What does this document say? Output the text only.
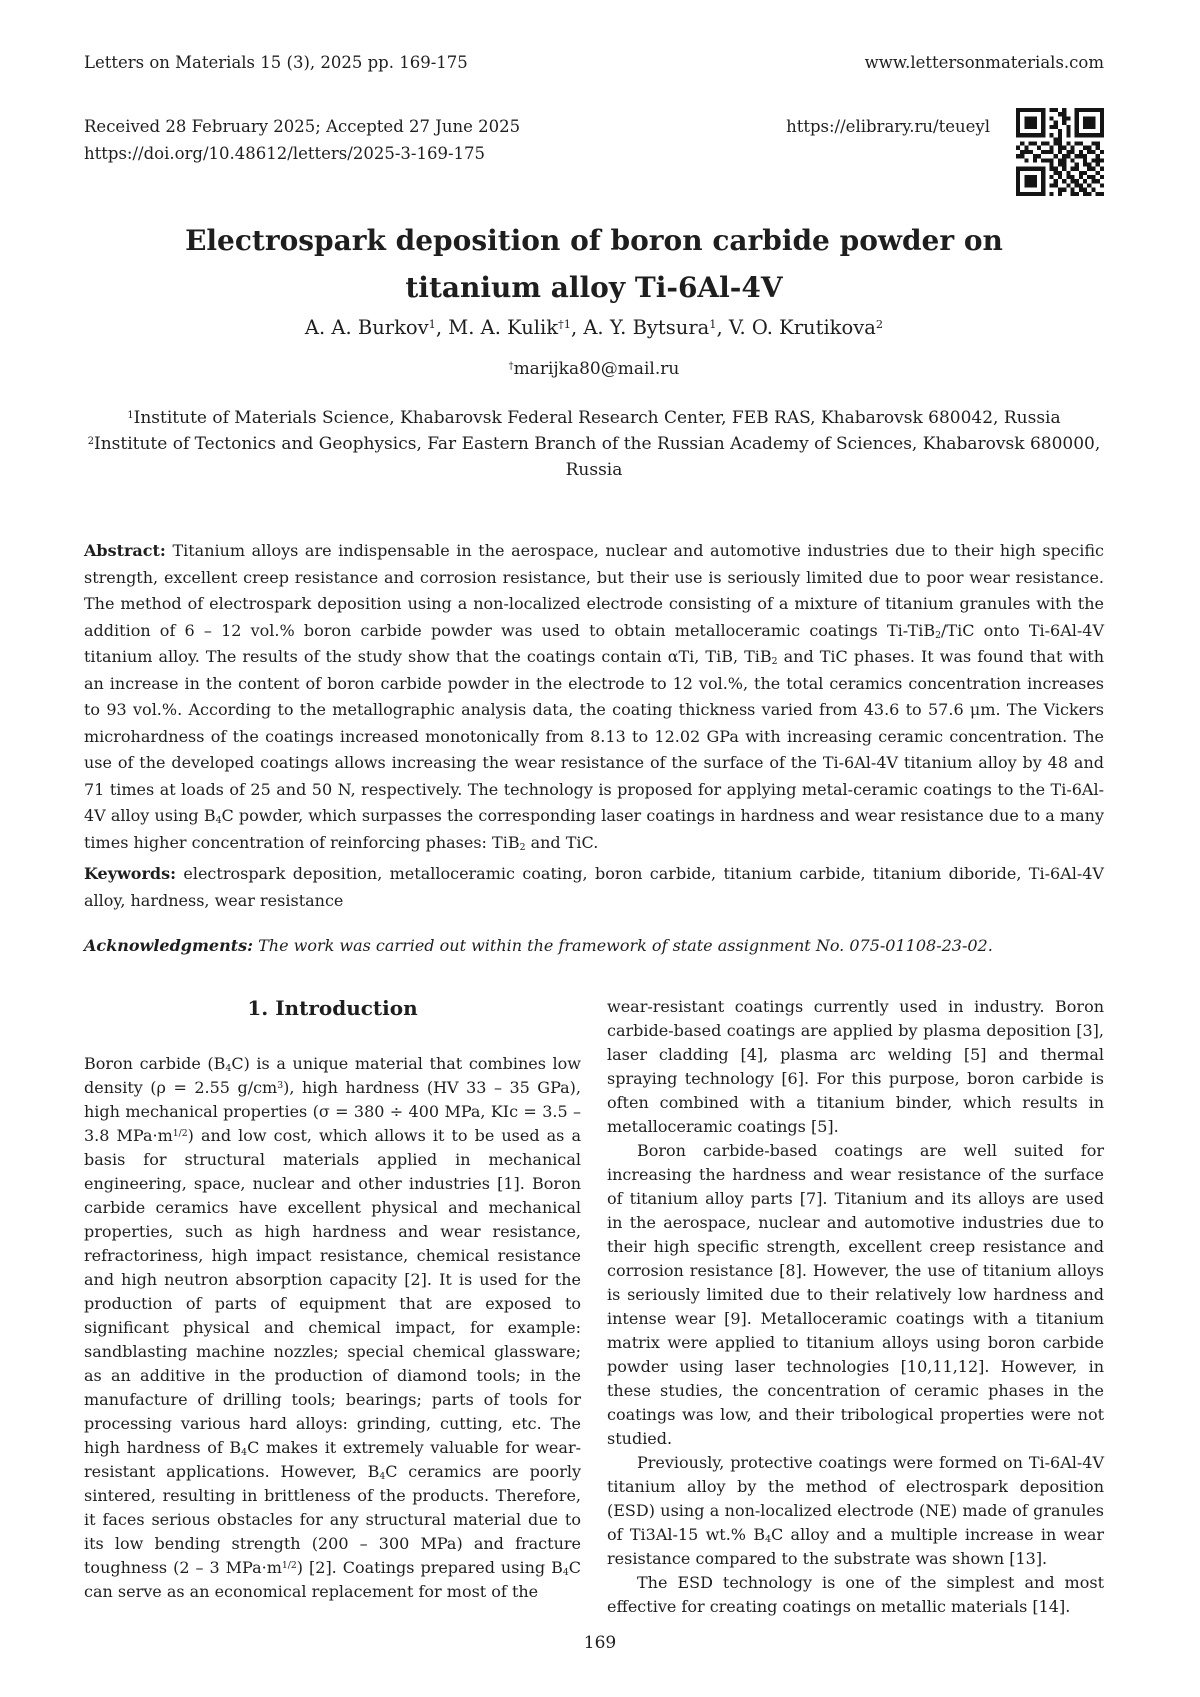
Letters on Materials 15 (3), 2025 pp. 169-175	www.lettersonmaterials.com
Received 28 February 2025; Accepted 27 June 2025
https://doi.org/10.48612/letters/2025-3-169-175
https://elibrary.ru/teueyl
Electrospark deposition of boron carbide powder on
titanium alloy Ti-6Al-4V
A. A. Burkov$^1$, M. A. Kulik$^{\dagger 1}$, A. Y. Bytsura$^1$, V. O. Krutikova$^2$
†marijka80@mail.ru
$^1$Institute of Materials Science, Khabarovsk Federal Research Center, FEB RAS, Khabarovsk 680042, Russia
$^2$Institute of Tectonics and Geophysics, Far Eastern Branch of the Russian Academy of Sciences, Khabarovsk 680000, Russia

Abstract: Titanium alloys are indispensable in the aerospace, nuclear and automotive industries due to their high specific strength, excellent creep resistance and corrosion resistance, but their use is seriously limited due to poor wear resistance. The method of electrospark deposition using a non-localized electrode consisting of a mixture of titanium granules with the addition of 6 – 12 vol.% boron carbide powder was used to obtain metalloceramic coatings Ti-TiB$_2$/TiC onto Ti-6Al-4V titanium alloy. The results of the study show that the coatings contain αTi, TiB, TiB$_2$ and TiC phases. It was found that with an increase in the content of boron carbide powder in the electrode to 12 vol.%, the total ceramics concentration increases to 93 vol.%. According to the metallographic analysis data, the coating thickness varied from 43.6 to 57.6 μm. The Vickers microhardness of the coatings increased monotonically from 8.13 to 12.02 GPa with increasing ceramic concentration. The use of the developed coatings allows increasing the wear resistance of the surface of the Ti-6Al-4V titanium alloy by 48 and 71 times at loads of 25 and 50 N, respectively. The technology is proposed for applying metal-ceramic coatings to the Ti-6Al-4V alloy using $B_4C$ powder, which surpasses the corresponding laser coatings in hardness and wear resistance due to a many times higher concentration of reinforcing phases: TiB$_2$ and TiC.

Keywords: electrospark deposition, metalloceramic coating, boron carbide, titanium carbide, titanium diboride, Ti-6Al-4V alloy, hardness, wear resistance

Acknowledgments: The work was carried out within the framework of state assignment No. 075-01108-23-02.

1. Introduction

Boron carbide $(B_4C)$ is a unique material that combines low density (ρ = 2.55 $g/cm^3$), high hardness (HV 33 – 35 GPa), high mechanical properties (σ = 380 ÷ 400 MPa, KIc = 3.5 – 3.8 $MPa\cdot m^{1/2}$) and low cost, which allows it to be used as a basis for structural materials applied in mechanical engineering, space, nuclear and other industries [1]. Boron carbide ceramics have excellent physical and mechanical properties, such as high hardness and wear resistance, refractoriness, high impact resistance, chemical resistance and high neutron absorption capacity [2]. It is used for the production of parts of equipment that are exposed to significant physical and chemical impact, for example: sandblasting machine nozzles; special chemical glassware; as an additive in the production of diamond tools; in the manufacture of drilling tools; bearings; parts of tools for processing various hard alloys: grinding, cutting, etc. The high hardness of $B_4C$ makes it extremely valuable for wear-resistant applications. However, $B_4C$ ceramics are poorly sintered, resulting in brittleness of the products. Therefore, it faces serious obstacles for any structural material due to its low bending strength (200 – 300 MPa) and fracture toughness (2 – 3 $MPa\cdot m^{1/2}$) [2]. Coatings prepared using $B_4C$ can serve as an economical replacement for most of the

wear-resistant coatings currently used in industry. Boron carbide-based coatings are applied by plasma deposition [3], laser cladding [4], plasma arc welding [5] and thermal spraying technology [6]. For this purpose, boron carbide is often combined with a titanium binder, which results in metalloceramic coatings [5].

Boron carbide-based coatings are well suited for increasing the hardness and wear resistance of the surface of titanium alloy parts [7]. Titanium and its alloys are used in the aerospace, nuclear and automotive industries due to their high specific strength, excellent creep resistance and corrosion resistance [8]. However, the use of titanium alloys is seriously limited due to their relatively low hardness and intense wear [9]. Metalloceramic coatings with a titanium matrix were applied to titanium alloys using boron carbide powder using laser technologies [10,11,12]. However, in these studies, the concentration of ceramic phases in the coatings was low, and their tribological properties were not studied.

Previously, protective coatings were formed on Ti-6Al-4V titanium alloy by the method of electrospark deposition (ESD) using a non-localized electrode (NE) made of granules of Ti3Al-15 wt.% $B_4C$ alloy and a multiple increase in wear resistance compared to the substrate was shown [13].

The ESD technology is one of the simplest and most effective for creating coatings on metallic materials [14].

169
